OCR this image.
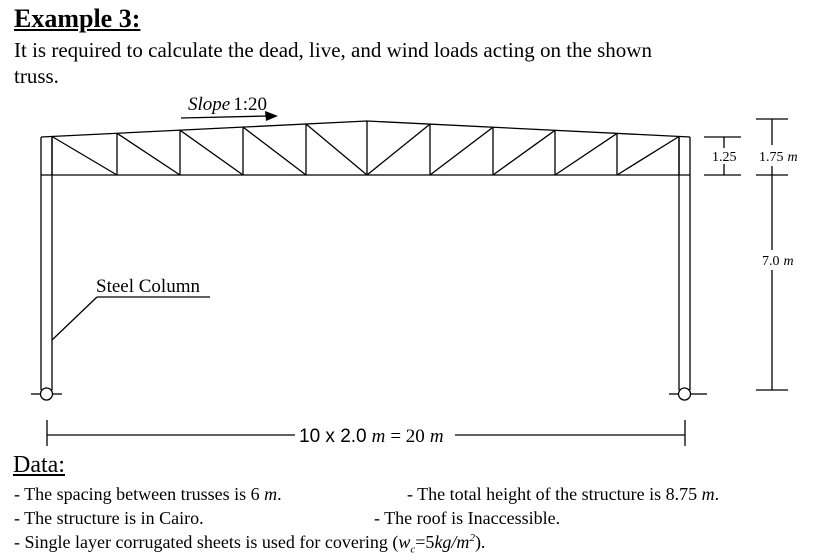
Example 3:
It is required to calculate the dead, live, and wind loads acting on the shown
truss.
Slope 1:20
Steel Column
1.25 1.75 m
7.0 m
10 x 2.0 m = 20 m
Data:
- The spacing between trusses is 6 m.	- The total height of the structure is 8.75 m.
- The structure is in Cairo.	- The roof is Inaccessible.
- Single layer corrugated sheets is used for covering $(w_c=5kg/m^2)$.
